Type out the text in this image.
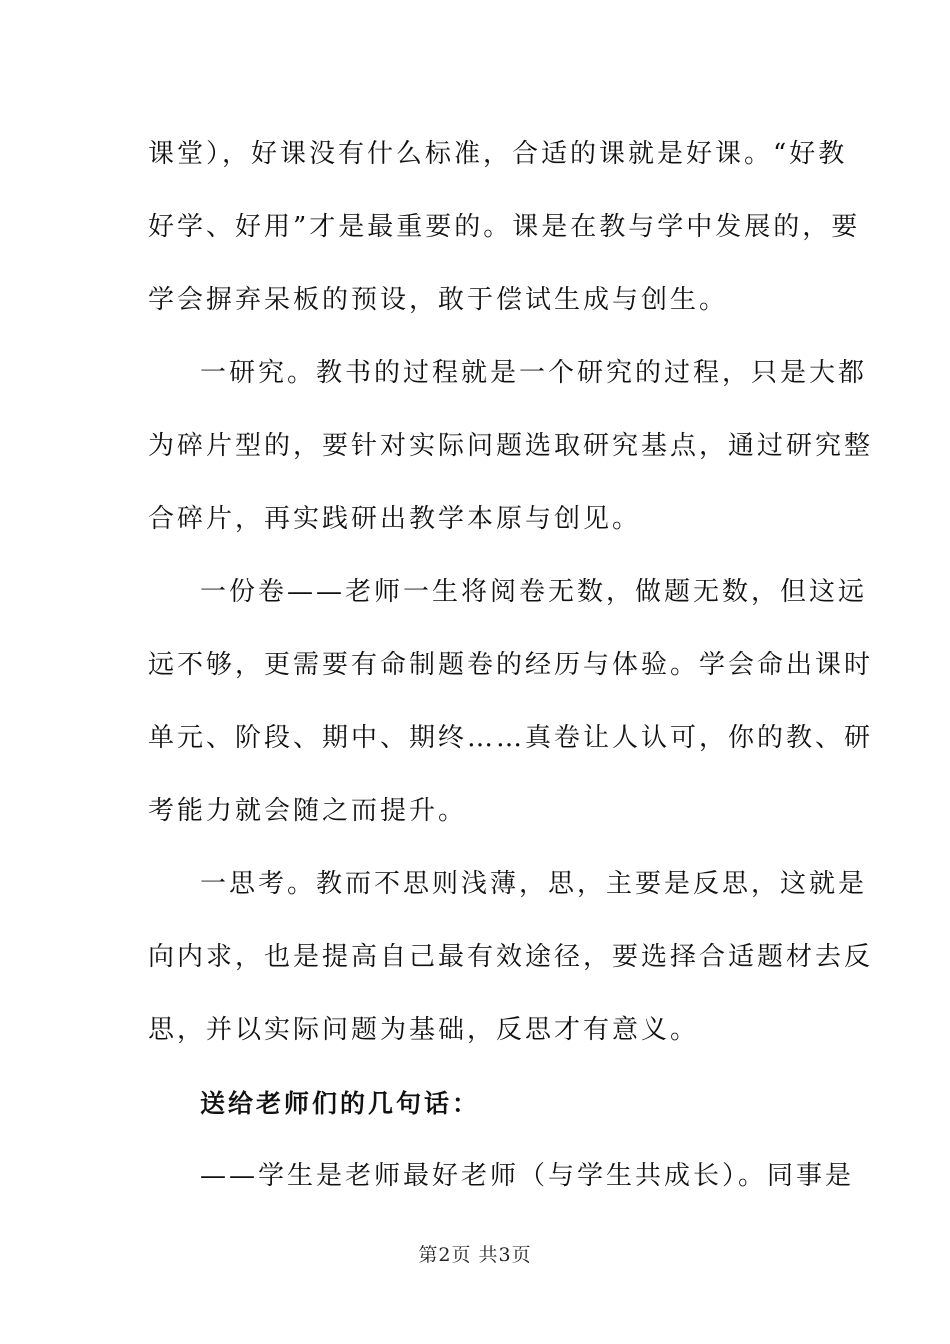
课堂），好课没有什么标准，合适的课就是好课。“好教
好学、好用”才是最重要的。课是在教与学中发展的，要
学会摒弃呆板的预设，敢于偿试生成与创生。
一研究。教书的过程就是一个研究的过程，只是大都
为碎片型的，要针对实际问题选取研究基点，通过研究整
合碎片，再实践研出教学本原与创见。
一份卷——老师一生将阅卷无数，做题无数，但这远
远不够，更需要有命制题卷的经历与体验。学会命出课时
单元、阶段、期中、期终……真卷让人认可，你的教、研
考能力就会随之而提升。
一思考。教而不思则浅薄，思，主要是反思，这就是
向内求，也是提高自己最有效途径，要选择合适题材去反
思，并以实际问题为基础，反思才有意义。
送给老师们的几句话：
——学生是老师最好老师（与学生共成长）。同事是
第2页 共3页
